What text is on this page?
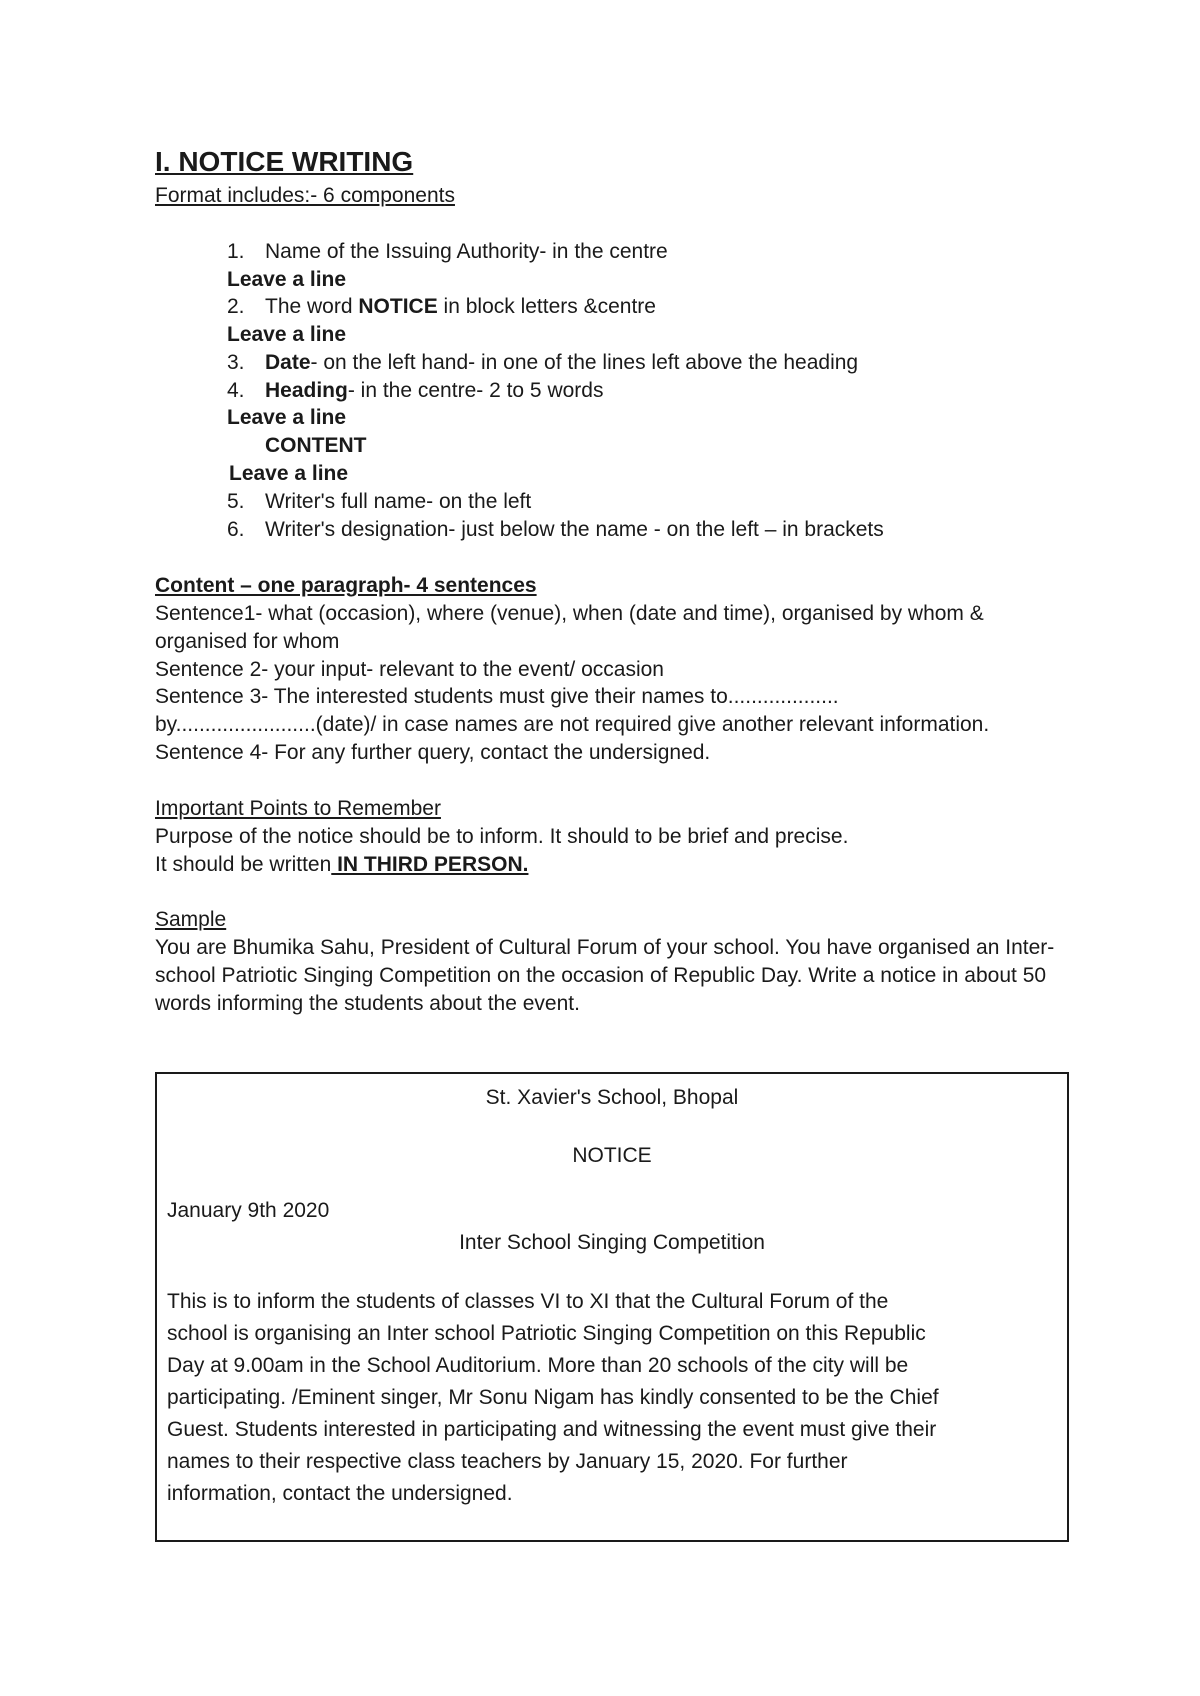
I. NOTICE WRITING
Format includes:- 6 components
1. Name of the Issuing Authority- in the centre
Leave a line
2. The word NOTICE in block letters &centre
Leave a line
3. Date- on the left hand- in one of the lines left above the heading
4. Heading- in the centre- 2 to 5 words
Leave a line
CONTENT
Leave a line
5. Writer's full name- on the left
6. Writer's designation- just below the name - on the left – in brackets
Content – one paragraph- 4 sentences
Sentence1- what (occasion), where (venue), when (date and time), organised by whom &
organised for whom
Sentence 2- your input- relevant to the event/ occasion
Sentence 3- The interested students must give their names to...................
by........................(date)/ in case names are not required give another relevant information.
Sentence 4- For any further query, contact the undersigned.
Important Points to Remember
Purpose of the notice should be to inform. It should to be brief and precise.
It should be written IN THIRD PERSON.
Sample
You are Bhumika Sahu, President of Cultural Forum of your school. You have organised an Inter-
school Patriotic Singing Competition on the occasion of Republic Day. Write a notice in about 50
words informing the students about the event.
St. Xavier's School, Bhopal
NOTICE
January 9th 2020
Inter School Singing Competition
This is to inform the students of classes VI to XI that the Cultural Forum of the
school is organising an Inter school Patriotic Singing Competition on this Republic
Day at 9.00am in the School Auditorium. More than 20 schools of the city will be
participating. /Eminent singer, Mr Sonu Nigam has kindly consented to be the Chief
Guest. Students interested in participating and witnessing the event must give their
names to their respective class teachers by January 15, 2020. For further
information, contact the undersigned.
